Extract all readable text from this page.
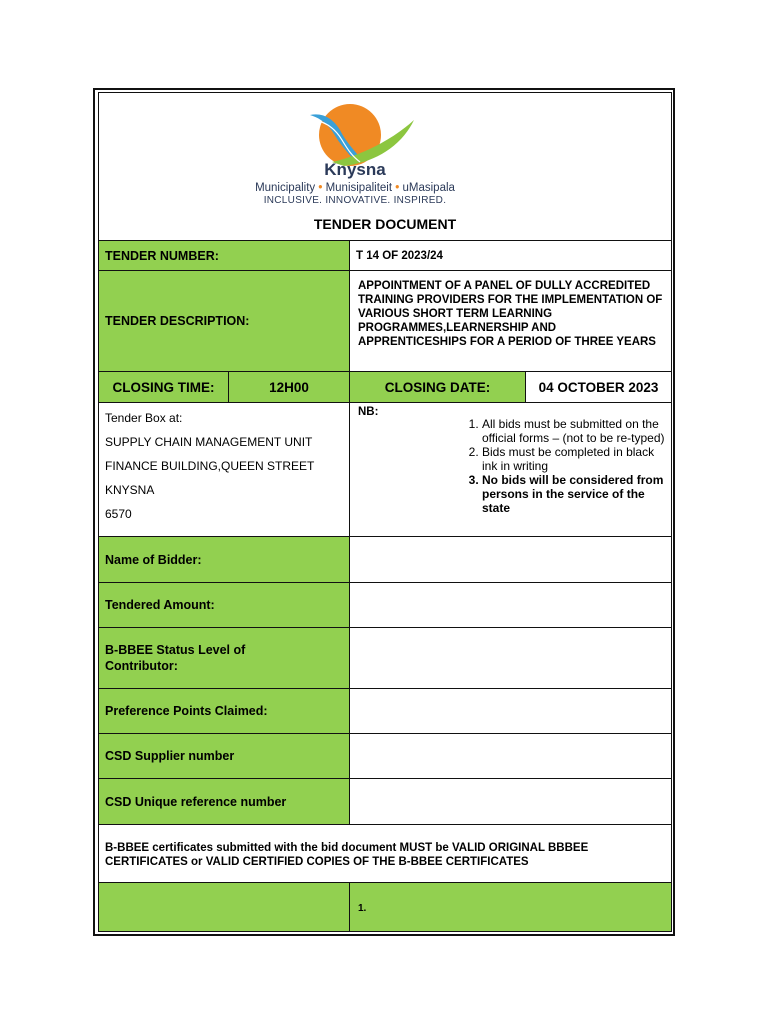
Knysna
Municipality • Munisipaliteit • uMasipala
INCLUSIVE. INNOVATIVE. INSPIRED.
TENDER DOCUMENT
TENDER NUMBER:	T 14 OF 2023/24
TENDER DESCRIPTION:
APPOINTMENT OF A PANEL OF DULLY ACCREDITED TRAINING PROVIDERS FOR THE IMPLEMENTATION OF VARIOUS SHORT TERM LEARNING PROGRAMMES,LEARNERSHIP AND APPRENTICESHIPS FOR A PERIOD OF THREE YEARS
CLOSING TIME:	12H00	CLOSING DATE:	04 OCTOBER 2023
Tender Box at:
SUPPLY CHAIN MANAGEMENT UNIT
FINANCE BUILDING,QUEEN STREET
KNYSNA
6570
NB:
1. All bids must be submitted on the official forms – (not to be re-typed)
2. Bids must be completed in black ink in writing
3. No bids will be considered from persons in the service of the state
Name of Bidder:
Tendered Amount:
B-BBEE Status Level of Contributor:
Preference Points Claimed:
CSD Supplier number
CSD Unique reference number
B-BBEE certificates submitted with the bid document MUST be VALID ORIGINAL BBBEE CERTIFICATES or VALID CERTIFIED COPIES OF THE B-BBEE CERTIFICATES
1.
